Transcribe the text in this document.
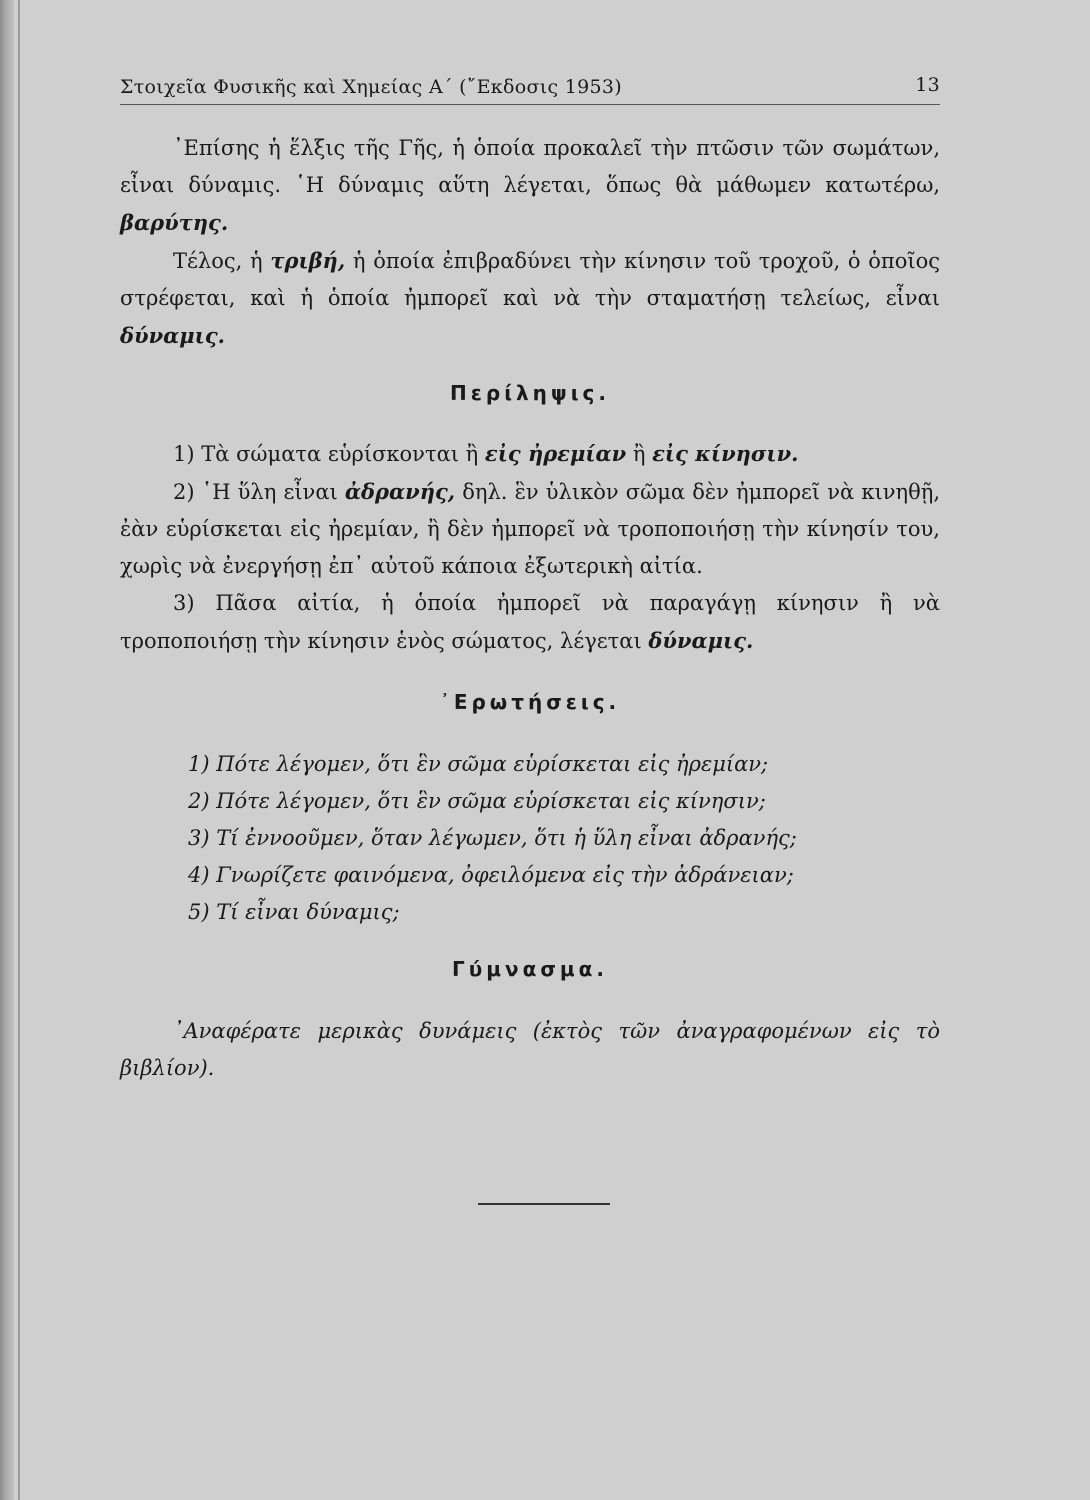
Στοιχεῖα Φυσικῆς καὶ Χημείας Α΄ (῎Εκδοσις 1953)	13

᾿Επίσης ἡ ἕλξις τῆς Γῆς, ἡ ὁποία προκαλεῖ τὴν πτῶσιν τῶν σωμάτων, εἶναι δύναμις. ῾Η δύναμις αὕτη λέγεται, ὅπως θὰ μάθωμεν κατωτέρω, βαρύτης.

Τέλος, ἡ τριβή, ἡ ὁποία ἐπιβραδύνει τὴν κίνησιν τοῦ τροχοῦ, ὁ ὁποῖος στρέφεται, καὶ ἡ ὁποία ἠμπορεῖ καὶ νὰ τὴν σταματήσῃ τελείως, εἶναι δύναμις.

Περίληψις.

1) Τὰ σώματα εὑρίσκονται ἢ εἰς ἠρεμίαν ἢ εἰς κίνησιν.

2) ῾Η ὕλη εἶναι ἀδρανής, δηλ. ἓν ὑλικὸν σῶμα δὲν ἠμπορεῖ νὰ κινηθῇ, ἐὰν εὑρίσκεται εἰς ἠρεμίαν, ἢ δὲν ἠμπορεῖ νὰ τροποποιήσῃ τὴν κίνησίν του, χωρὶς νὰ ἐνεργήσῃ ἐπ᾿ αὐτοῦ κάποια ἐξωτερικὴ αἰτία.

3) Πᾶσα αἰτία, ἡ ὁποία ἠμπορεῖ νὰ παραγάγῃ κίνησιν ἢ νὰ τροποποιήσῃ τὴν κίνησιν ἑνὸς σώματος, λέγεται δύναμις.

᾿Ερωτήσεις.

1) Πότε λέγομεν, ὅτι ἓν σῶμα εὑρίσκεται εἰς ἠρεμίαν;

2) Πότε λέγομεν, ὅτι ἓν σῶμα εὑρίσκεται εἰς κίνησιν;

3) Τί ἐννοοῦμεν, ὅταν λέγωμεν, ὅτι ἡ ὕλη εἶναι ἀδρανής;

4) Γνωρίζετε φαινόμενα, ὀφειλόμενα εἰς τὴν ἀδράνειαν;

5) Τί εἶναι δύναμις;

Γύμνασμα.

᾿Αναφέρατε μερικὰς δυνάμεις (ἐκτὸς τῶν ἀναγραφομένων εἰς τὸ βιβλίον).
